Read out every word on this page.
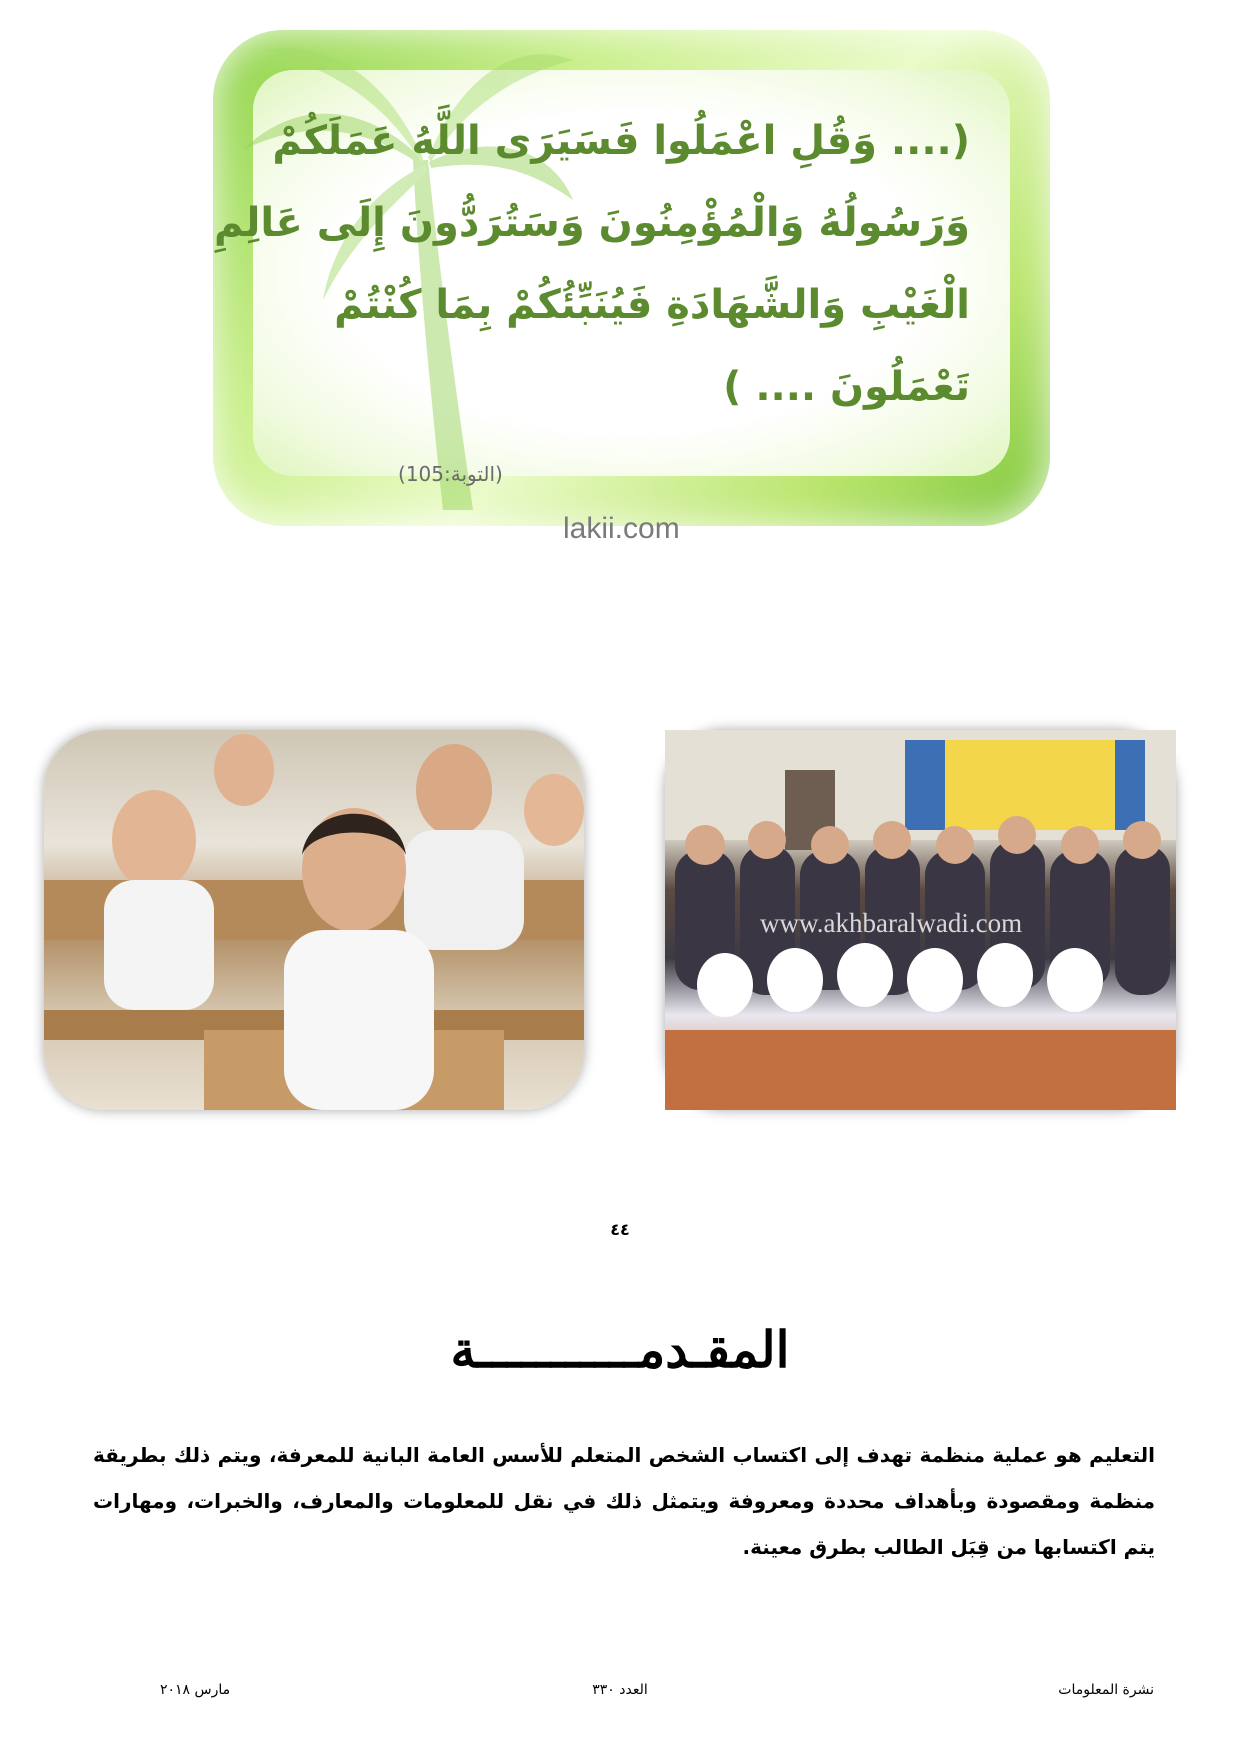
(.... وَقُلِ اعْمَلُوا فَسَيَرَى اللَّهُ عَمَلَكُمْ
وَرَسُولُهُ وَالْمُؤْمِنُونَ وَسَتُرَدُّونَ إِلَى عَالِمِ
الْغَيْبِ وَالشَّهَادَةِ فَيُنَبِّئُكُمْ بِمَا كُنْتُمْ
تَعْمَلُونَ .... )
(التوبة:105)
lakii.com
www.akhbaralwadi.com
٤٤
المقـدمـــــــــــة

التعليم هو عملية منظمة تهدف إلى اكتساب الشخص المتعلم للأسس العامة البانية للمعرفة، ويتم ذلك بطريقة منظمة ومقصودة وبأهداف محددة ومعروفة ويتمثل ذلك في نقل للمعلومات والمعارف، والخبرات، ومهارات يتم اكتسابها من قِبَل الطالب بطرق معينة.

نشرة المعلومات
العدد ٣٣٠
مارس ٢٠١٨
